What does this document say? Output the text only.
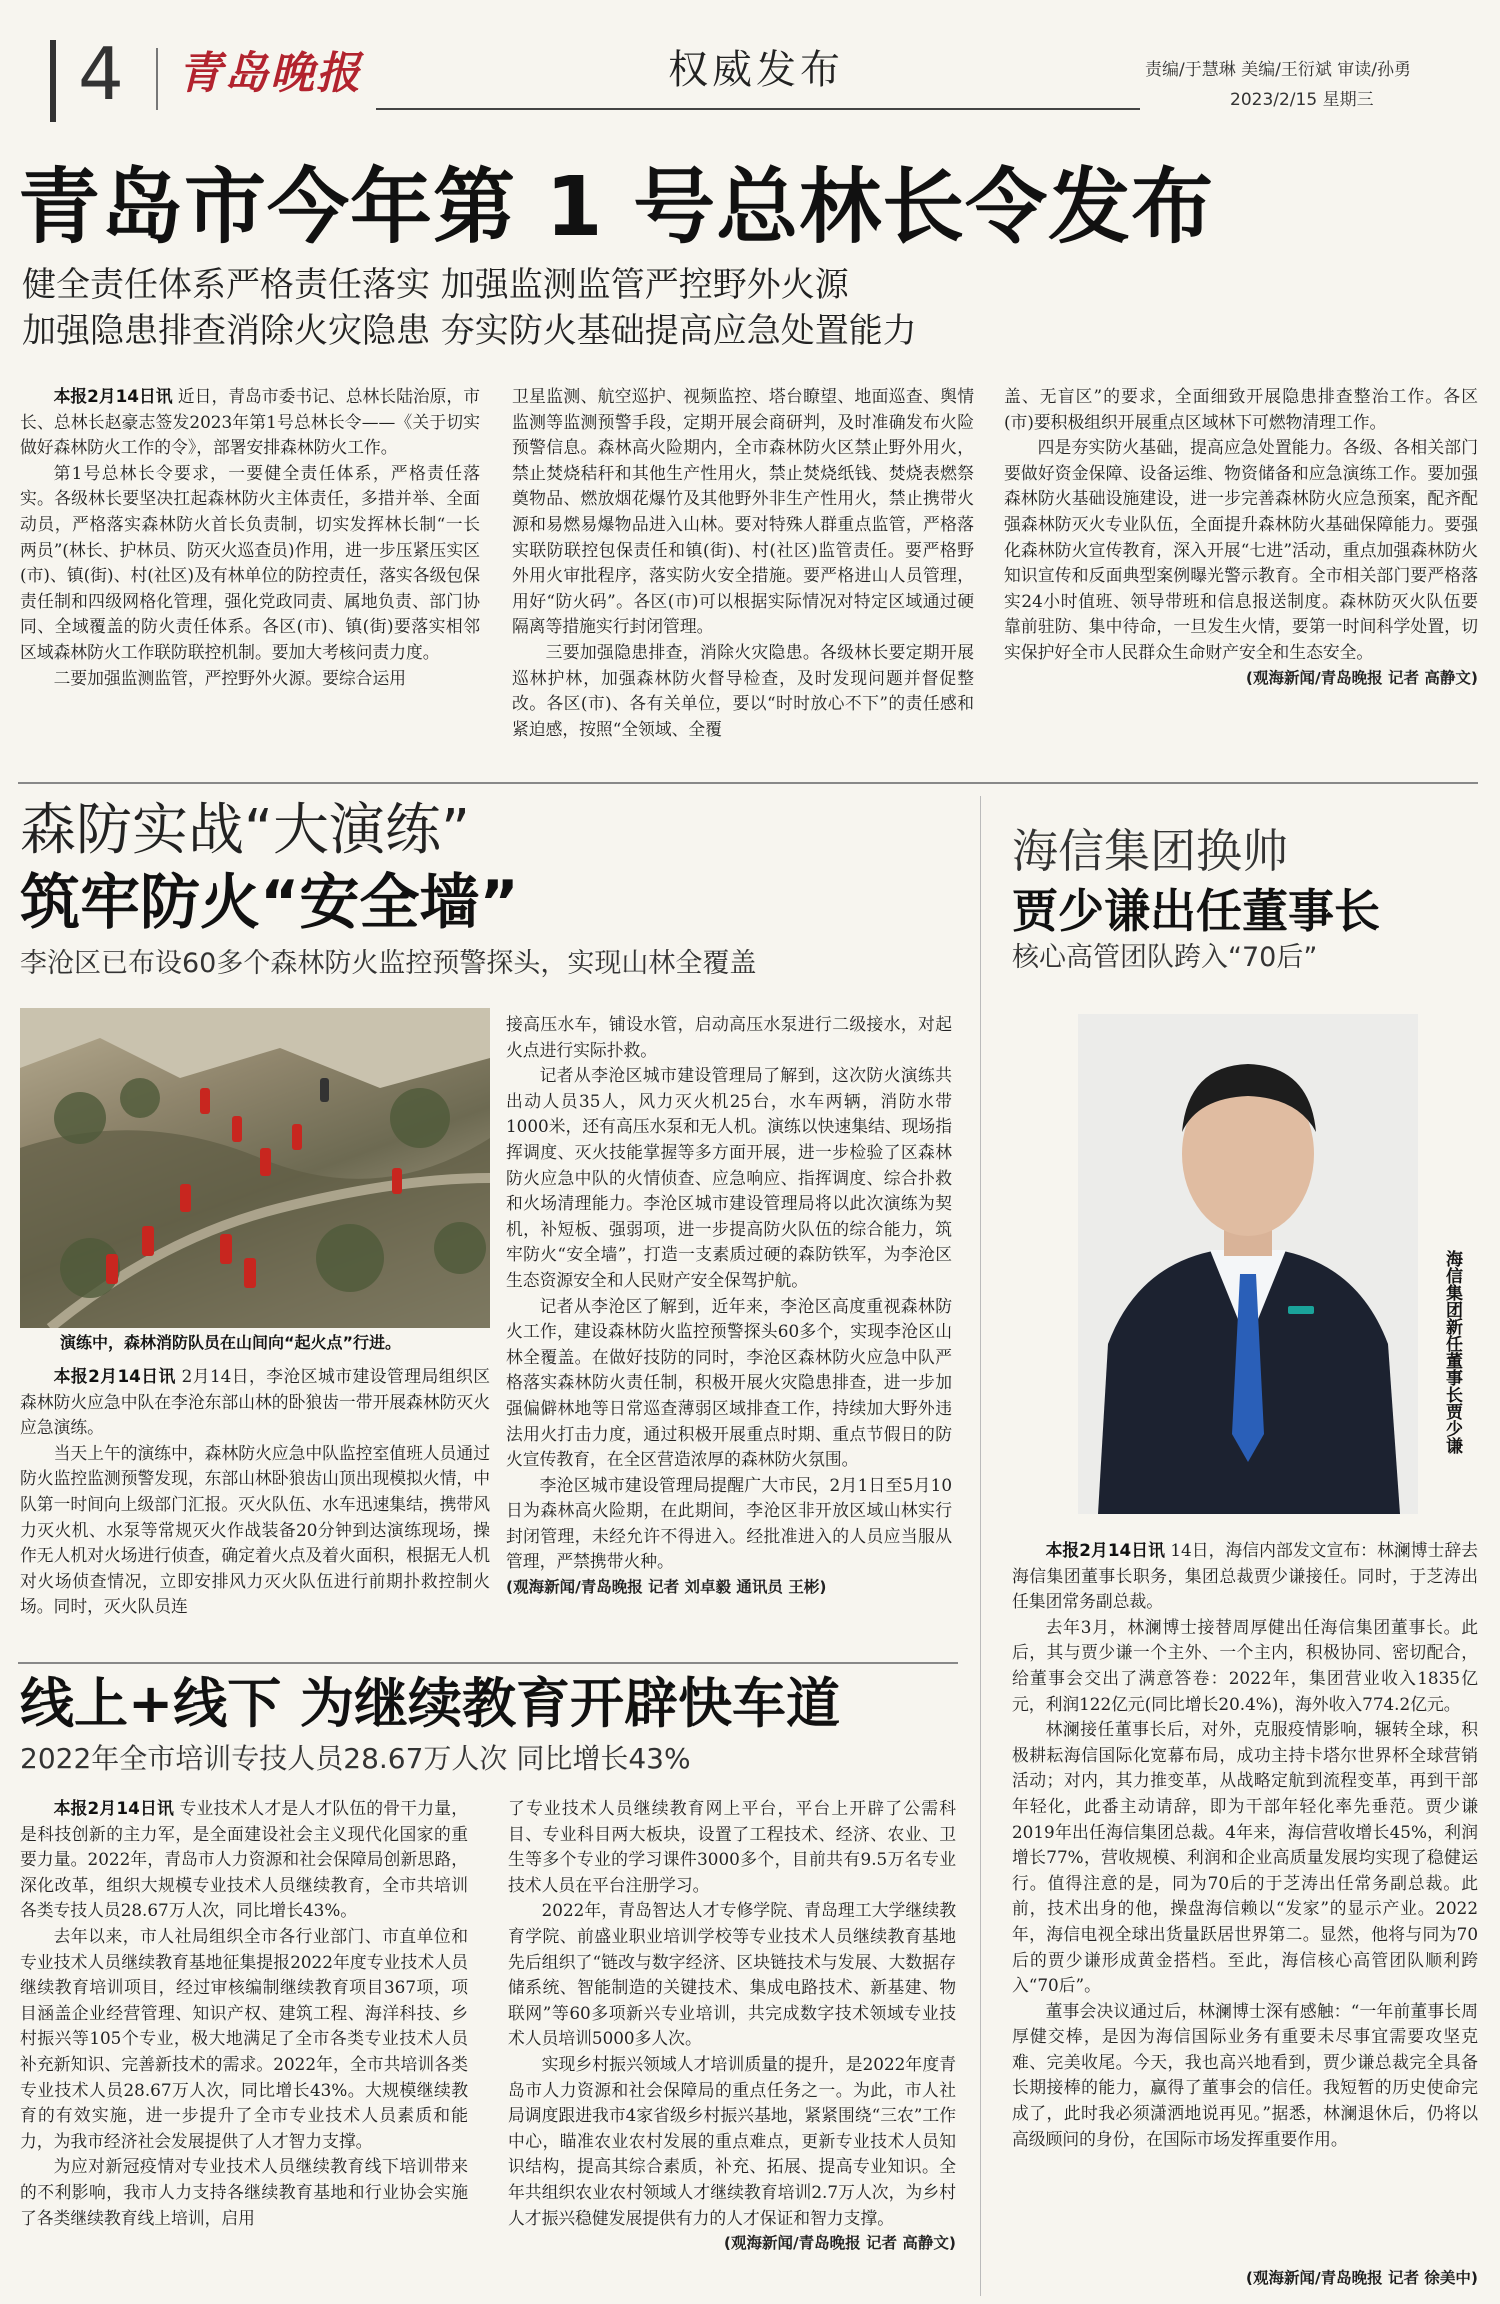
4 青岛晚报	权威发布	责编/于慧琳 美编/王衍斌 审读/孙勇
2023/2/15 星期三
青岛市今年第 1 号总林长令发布
健全责任体系严格责任落实 加强监测监管严控野外火源
加强隐患排查消除火灾隐患 夯实防火基础提高应急处置能力

本报2月14日讯 近日，青岛市委书记、总林长陆治原，市长、总林长赵豪志签发2023年第1号总林长令——《关于切实做好森林防火工作的令》，部署安排森林防火工作。

第1号总林长令要求，一要健全责任体系，严格责任落实。各级林长要坚决扛起森林防火主体责任，多措并举、全面动员，严格落实森林防火首长负责制，切实发挥林长制“一长两员”(林长、护林员、防灭火巡查员)作用，进一步压紧压实区(市)、镇(街)、村(社区)及有林单位的防控责任，落实各级包保责任制和四级网格化管理，强化党政同责、属地负责、部门协同、全域覆盖的防火责任体系。各区(市)、镇(街)要落实相邻区域森林防火工作联防联控机制。要加大考核问责力度。

二要加强监测监管，严控野外火源。要综合运用

卫星监测、航空巡护、视频监控、塔台瞭望、地面巡查、舆情监测等监测预警手段，定期开展会商研判，及时准确发布火险预警信息。森林高火险期内，全市森林防火区禁止野外用火，禁止焚烧秸秆和其他生产性用火，禁止焚烧纸钱、焚烧表燃祭奠物品、燃放烟花爆竹及其他野外非生产性用火，禁止携带火源和易燃易爆物品进入山林。要对特殊人群重点监管，严格落实联防联控包保责任和镇(街)、村(社区)监管责任。要严格野外用火审批程序，落实防火安全措施。要严格进山人员管理，用好“防火码”。各区(市)可以根据实际情况对特定区域通过硬隔离等措施实行封闭管理。

三要加强隐患排查，消除火灾隐患。各级林长要定期开展巡林护林，加强森林防火督导检查，及时发现问题并督促整改。各区(市)、各有关单位，要以“时时放心不下”的责任感和紧迫感，按照“全领域、全覆

盖、无盲区”的要求，全面细致开展隐患排查整治工作。各区(市)要积极组织开展重点区域林下可燃物清理工作。

四是夯实防火基础，提高应急处置能力。各级、各相关部门要做好资金保障、设备运维、物资储备和应急演练工作。要加强森林防火基础设施建设，进一步完善森林防火应急预案，配齐配强森林防灭火专业队伍，全面提升森林防火基础保障能力。要强化森林防火宣传教育，深入开展“七进”活动，重点加强森林防火知识宣传和反面典型案例曝光警示教育。全市相关部门要严格落实24小时值班、领导带班和信息报送制度。森林防灭火队伍要靠前驻防、集中待命，一旦发生火情，要第一时间科学处置，切实保护好全市人民群众生命财产安全和生态安全。

(观海新闻/青岛晚报 记者 高静文)
森防实战“大演练”
筑牢防火“安全墙”
李沧区已布设60多个森林防火监控预警探头，实现山林全覆盖
演练中，森林消防队员在山间向“起火点”行进。

本报2月14日讯 2月14日，李沧区城市建设管理局组织区森林防火应急中队在李沧东部山林的卧狼齿一带开展森林防灭火应急演练。

当天上午的演练中，森林防火应急中队监控室值班人员通过防火监控监测预警发现，东部山林卧狼齿山顶出现模拟火情，中队第一时间向上级部门汇报。灭火队伍、水车迅速集结，携带风力灭火机、水泵等常规灭火作战装备20分钟到达演练现场，操作无人机对火场进行侦查，确定着火点及着火面积，根据无人机对火场侦查情况，立即安排风力灭火队伍进行前期扑救控制火场。同时，灭火队员连

接高压水车，铺设水管，启动高压水泵进行二级接水，对起火点进行实际扑救。

记者从李沧区城市建设管理局了解到，这次防火演练共出动人员35人，风力灭火机25台，水车两辆，消防水带1000米，还有高压水泵和无人机。演练以快速集结、现场指挥调度、灭火技能掌握等多方面开展，进一步检验了区森林防火应急中队的火情侦查、应急响应、指挥调度、综合扑救和火场清理能力。李沧区城市建设管理局将以此次演练为契机，补短板、强弱项，进一步提高防火队伍的综合能力，筑牢防火“安全墙”，打造一支素质过硬的森防铁军，为李沧区生态资源安全和人民财产安全保驾护航。

记者从李沧区了解到，近年来，李沧区高度重视森林防火工作，建设森林防火监控预警探头60多个，实现李沧区山林全覆盖。在做好技防的同时，李沧区森林防火应急中队严格落实森林防火责任制，积极开展火灾隐患排查，进一步加强偏僻林地等日常巡查薄弱区域排查工作，持续加大野外违法用火打击力度，通过积极开展重点时期、重点节假日的防火宣传教育，在全区营造浓厚的森林防火氛围。

李沧区城市建设管理局提醒广大市民，2月1日至5月10日为森林高火险期，在此期间，李沧区非开放区域山林实行封闭管理，未经允许不得进入。经批准进入的人员应当服从管理，严禁携带火种。

(观海新闻/青岛晚报 记者 刘卓毅 通讯员 王彬)
海信集团换帅
贾少谦出任董事长
核心高管团队跨入“70后”
海信集团新任董事长贾少谦

本报2月14日讯 14日，海信内部发文宣布：林澜博士辞去海信集团董事长职务，集团总裁贾少谦接任。同时，于芝涛出任集团常务副总裁。

去年3月，林澜博士接替周厚健出任海信集团董事长。此后，其与贾少谦一个主外、一个主内，积极协同、密切配合，给董事会交出了满意答卷：2022年，集团营业收入1835亿元，利润122亿元(同比增长20.4%)，海外收入774.2亿元。

林澜接任董事长后，对外，克服疫情影响，辗转全球，积极耕耘海信国际化宽幕布局，成功主持卡塔尔世界杯全球营销活动；对内，其力推变革，从战略定航到流程变革，再到干部年轻化，此番主动请辞，即为干部年轻化率先垂范。贾少谦2019年出任海信集团总裁。4年来，海信营收增长45%，利润增长77%，营收规模、利润和企业高质量发展均实现了稳健运行。值得注意的是，同为70后的于芝涛出任常务副总裁。此前，技术出身的他，操盘海信赖以“发家”的显示产业。2022年，海信电视全球出货量跃居世界第二。显然，他将与同为70后的贾少谦形成黄金搭档。至此，海信核心高管团队顺利跨入“70后”。

董事会决议通过后，林澜博士深有感触：“一年前董事长周厚健交棒，是因为海信国际业务有重要未尽事宜需要攻坚克难、完美收尾。今天，我也高兴地看到，贾少谦总裁完全具备长期接棒的能力，赢得了董事会的信任。我短暂的历史使命完成了，此时我必须潇洒地说再见。”据悉，林澜退休后，仍将以高级顾问的身份，在国际市场发挥重要作用。

(观海新闻/青岛晚报 记者 徐美中)
线上+线下 为继续教育开辟快车道
2022年全市培训专技人员28.67万人次 同比增长43%

本报2月14日讯 专业技术人才是人才队伍的骨干力量，是科技创新的主力军，是全面建设社会主义现代化国家的重要力量。2022年，青岛市人力资源和社会保障局创新思路，深化改革，组织大规模专业技术人员继续教育，全市共培训各类专技人员28.67万人次，同比增长43%。

去年以来，市人社局组织全市各行业部门、市直单位和专业技术人员继续教育基地征集提报2022年度专业技术人员继续教育培训项目，经过审核编制继续教育项目367项，项目涵盖企业经营管理、知识产权、建筑工程、海洋科技、乡村振兴等105个专业，极大地满足了全市各类专业技术人员补充新知识、完善新技术的需求。2022年，全市共培训各类专业技术人员28.67万人次，同比增长43%。大规模继续教育的有效实施，进一步提升了全市专业技术人员素质和能力，为我市经济社会发展提供了人才智力支撑。

为应对新冠疫情对专业技术人员继续教育线下培训带来的不利影响，我市人力支持各继续教育基地和行业协会实施了各类继续教育线上培训，启用

了专业技术人员继续教育网上平台，平台上开辟了公需科目、专业科目两大板块，设置了工程技术、经济、农业、卫生等多个专业的学习课件3000多个，目前共有9.5万名专业技术人员在平台注册学习。

2022年，青岛智达人才专修学院、青岛理工大学继续教育学院、前盛业职业培训学校等专业技术人员继续教育基地先后组织了“链改与数字经济、区块链技术与发展、大数据存储系统、智能制造的关键技术、集成电路技术、新基建、物联网”等60多项新兴专业培训，共完成数字技术领域专业技术人员培训5000多人次。

实现乡村振兴领域人才培训质量的提升，是2022年度青岛市人力资源和社会保障局的重点任务之一。为此，市人社局调度跟进我市4家省级乡村振兴基地，紧紧围绕“三农”工作中心，瞄准农业农村发展的重点难点，更新专业技术人员知识结构，提高其综合素质，补充、拓展、提高专业知识。全年共组织农业农村领域人才继续教育培训2.7万人次，为乡村人才振兴稳健发展提供有力的人才保证和智力支撑。

(观海新闻/青岛晚报 记者 高静文)
